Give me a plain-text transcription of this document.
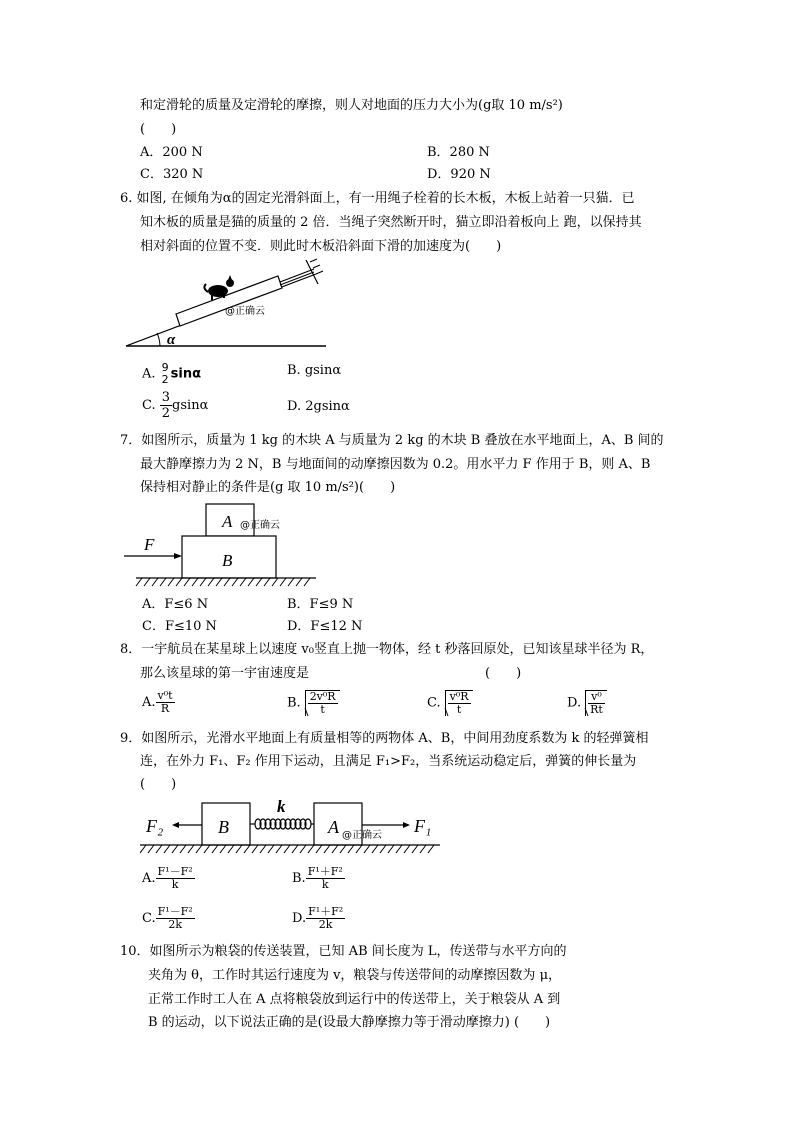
和定滑轮的质量及定滑轮的摩擦，则人对地面的压力大小为(g取 10 m/s²)
(　　)
A．200 N	B．280 N
C．320 N	D．920 N
6. 如图, 在倾角为α的固定光滑斜面上，有一用绳子栓着的长木板，木板上站着一只猫．已
知木板的质量是猫的质量的 2 倍．当绳子突然断开时，猫立即沿着板向上 跑，以保持其
相对斜面的位置不变．则此时木板沿斜面下滑的加速度为(　　)
α
@正确云
A. 9
2 sinα	B. gsinα
C. $\frac{3}{2}$ gsinα	D. 2gsinα
7．如图所示，质量为 1 kg 的木块 A 与质量为 2 kg 的木块 B 叠放在水平地面上，A、B 间的
最大静摩擦力为 2 N，B 与地面间的动摩擦因数为 0.2。用水平力 F 作用于 B，则 A、B
保持相对静止的条件是(g 取 10 m/s²)(　　)
F
A
B
@正确云
A．F≤6 N	B．F≤9 N
C．F≤10 N	D．F≤12 N
8．一宇航员在某星球上以速度 v₀竖直上抛一物体，经 t 秒落回原处，已知该星球半径为 R，
那么该星球的第一宇宙速度是	(　　)
A. $\frac{\text{v⁰t}}{R}$	B. $\frac{\text{2v⁰R}}{t}$	C. $\frac{\text{v⁰R}}{t}$	D. $\frac{\text{v⁰}}{Rt}$
9．如图所示，光滑水平地面上有质量相等的两物体 A、B，中间用劲度系数为 k 的轻弹簧相
连，在外力 F₁、F₂ 作用下运动，且满足 F₁>F₂，当系统运动稳定后，弹簧的伸长量为
(　　)
F₂	F₁
B	A
k
@正确云
A. $\frac{\text{F¹－F²}}{k}$	B. $\frac{\text{F¹＋F²}}{k}$
C. $\frac{\text{F¹－F²}}{2k}$	D. $\frac{\text{F¹＋F²}}{2k}$
10．如图所示为粮袋的传送装置，已知 AB 间长度为 L，传送带与水平方向的
夹角为 θ，工作时其运行速度为 v，粮袋与传送带间的动摩擦因数为 μ，
正常工作时工人在 A 点将粮袋放到运行中的传送带上，关于粮袋从 A 到
B 的运动，以下说法正确的是(设最大静摩擦力等于滑动摩擦力) (　　)
